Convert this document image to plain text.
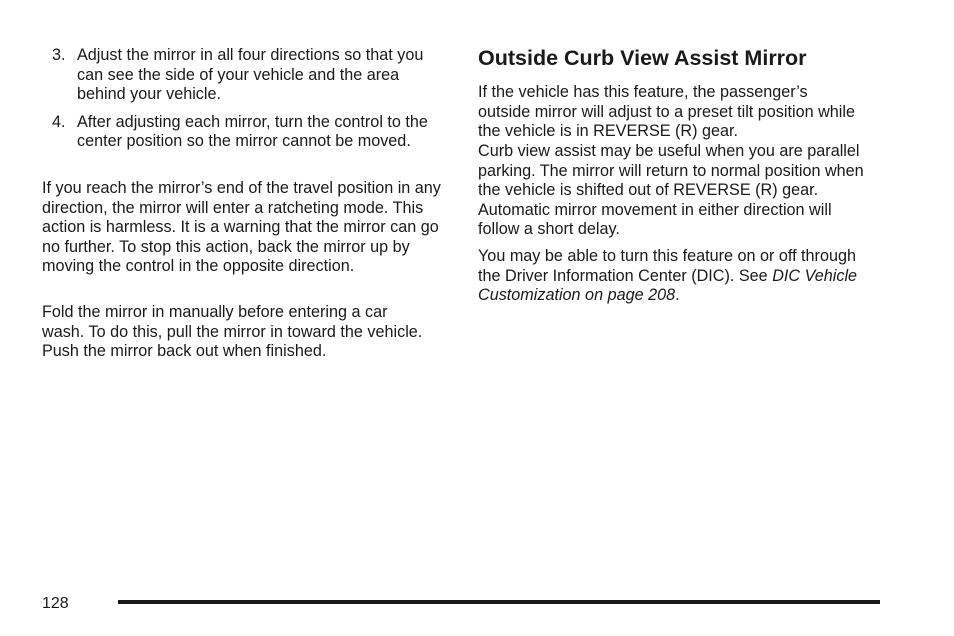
3. Adjust the mirror in all four directions so that you can see the side of your vehicle and the area behind your vehicle.
4. After adjusting each mirror, turn the control to the center position so the mirror cannot be moved.

If you reach the mirror’s end of the travel position in any direction, the mirror will enter a ratcheting mode. This action is harmless. It is a warning that the mirror can go no further. To stop this action, back the mirror up by moving the control in the opposite direction.

Fold the mirror in manually before entering a car wash. To do this, pull the mirror in toward the vehicle. Push the mirror back out when finished.

Outside Curb View Assist Mirror

If the vehicle has this feature, the passenger’s outside mirror will adjust to a preset tilt position while the vehicle is in REVERSE (R) gear.

Curb view assist may be useful when you are parallel parking. The mirror will return to normal position when the vehicle is shifted out of REVERSE (R) gear. Automatic mirror movement in either direction will follow a short delay.

You may be able to turn this feature on or off through the Driver Information Center (DIC). See DIC Vehicle Customization on page 208.

128
